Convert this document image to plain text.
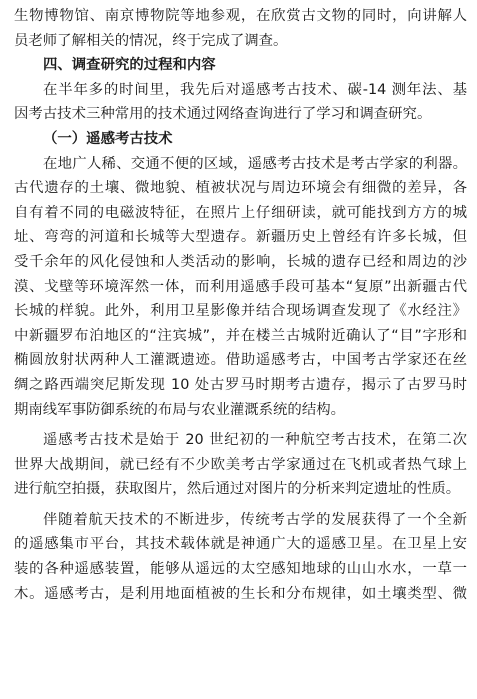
生物博物馆、南京博物院等地参观，在欣赏古文物的同时，向讲解人
员老师了解相关的情况，终于完成了调查。
四、调查研究的过程和内容
在半年多的时间里，我先后对遥感考古技术、碳-14 测年法、基
因考古技术三种常用的技术通过网络查询进行了学习和调查研究。
（一）遥感考古技术
在地广人稀、交通不便的区域，遥感考古技术是考古学家的利器。
古代遗存的土壤、微地貌、植被状况与周边环境会有细微的差异，各
自有着不同的电磁波特征，在照片上仔细研读，就可能找到方方的城
址、弯弯的河道和长城等大型遗存。新疆历史上曾经有许多长城，但
受千余年的风化侵蚀和人类活动的影响，长城的遗存已经和周边的沙
漠、戈壁等环境浑然一体，而利用遥感手段可基本“复原”出新疆古代
长城的样貌。此外，利用卫星影像并结合现场调查发现了《水经注》
中新疆罗布泊地区的“注宾城”，并在楼兰古城附近确认了“目”字形和
椭圆放射状两种人工灌溉遗迹。借助遥感考古，中国考古学家还在丝
绸之路西端突尼斯发现 10 处古罗马时期考古遗存，揭示了古罗马时
期南线军事防御系统的布局与农业灌溉系统的结构。
遥感考古技术是始于 20 世纪初的一种航空考古技术，在第二次
世界大战期间，就已经有不少欧美考古学家通过在飞机或者热气球上
进行航空拍摄，获取图片，然后通过对图片的分析来判定遗址的性质。
伴随着航天技术的不断进步，传统考古学的发展获得了一个全新
的遥感集市平台，其技术载体就是神通广大的遥感卫星。在卫星上安
装的各种遥感装置，能够从遥远的太空感知地球的山山水水，一草一
木。遥感考古，是利用地面植被的生长和分布规律，如土壤类型、微
